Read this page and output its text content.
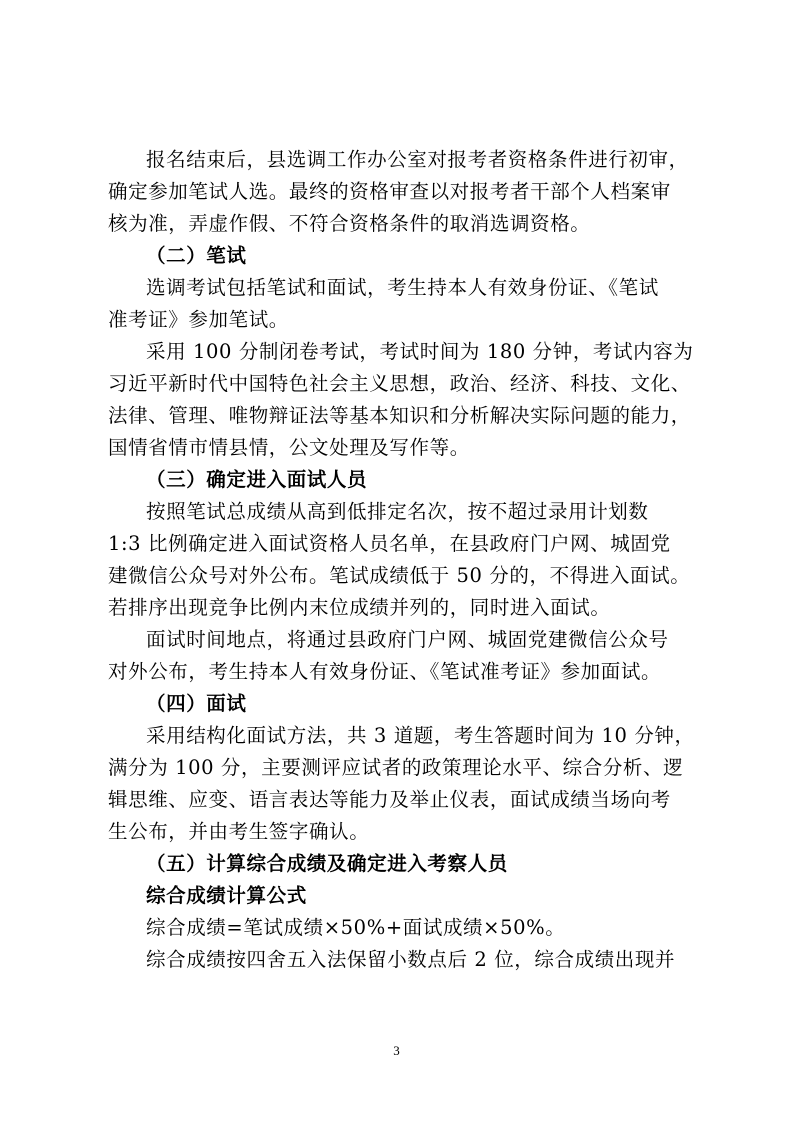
报名结束后，县选调工作办公室对报考者资格条件进行初审，
确定参加笔试人选。最终的资格审查以对报考者干部个人档案审
核为准，弄虚作假、不符合资格条件的取消选调资格。
（二）笔试
选调考试包括笔试和面试，考生持本人有效身份证、《笔试
准考证》参加笔试。
采用 100 分制闭卷考试，考试时间为 180 分钟，考试内容为
习近平新时代中国特色社会主义思想，政治、经济、科技、文化、
法律、管理、唯物辩证法等基本知识和分析解决实际问题的能力，
国情省情市情县情，公文处理及写作等。
（三）确定进入面试人员
按照笔试总成绩从高到低排定名次，按不超过录用计划数
1:3 比例确定进入面试资格人员名单，在县政府门户网、城固党
建微信公众号对外公布。笔试成绩低于 50 分的，不得进入面试。
若排序出现竞争比例内末位成绩并列的，同时进入面试。
面试时间地点，将通过县政府门户网、城固党建微信公众号
对外公布，考生持本人有效身份证、《笔试准考证》参加面试。
（四）面试
采用结构化面试方法，共 3 道题，考生答题时间为 10 分钟，
满分为 100 分，主要测评应试者的政策理论水平、综合分析、逻
辑思维、应变、语言表达等能力及举止仪表，面试成绩当场向考
生公布，并由考生签字确认。
（五）计算综合成绩及确定进入考察人员
综合成绩计算公式
综合成绩=笔试成绩×50%+面试成绩×50%。
综合成绩按四舍五入法保留小数点后 2 位，综合成绩出现并
3
